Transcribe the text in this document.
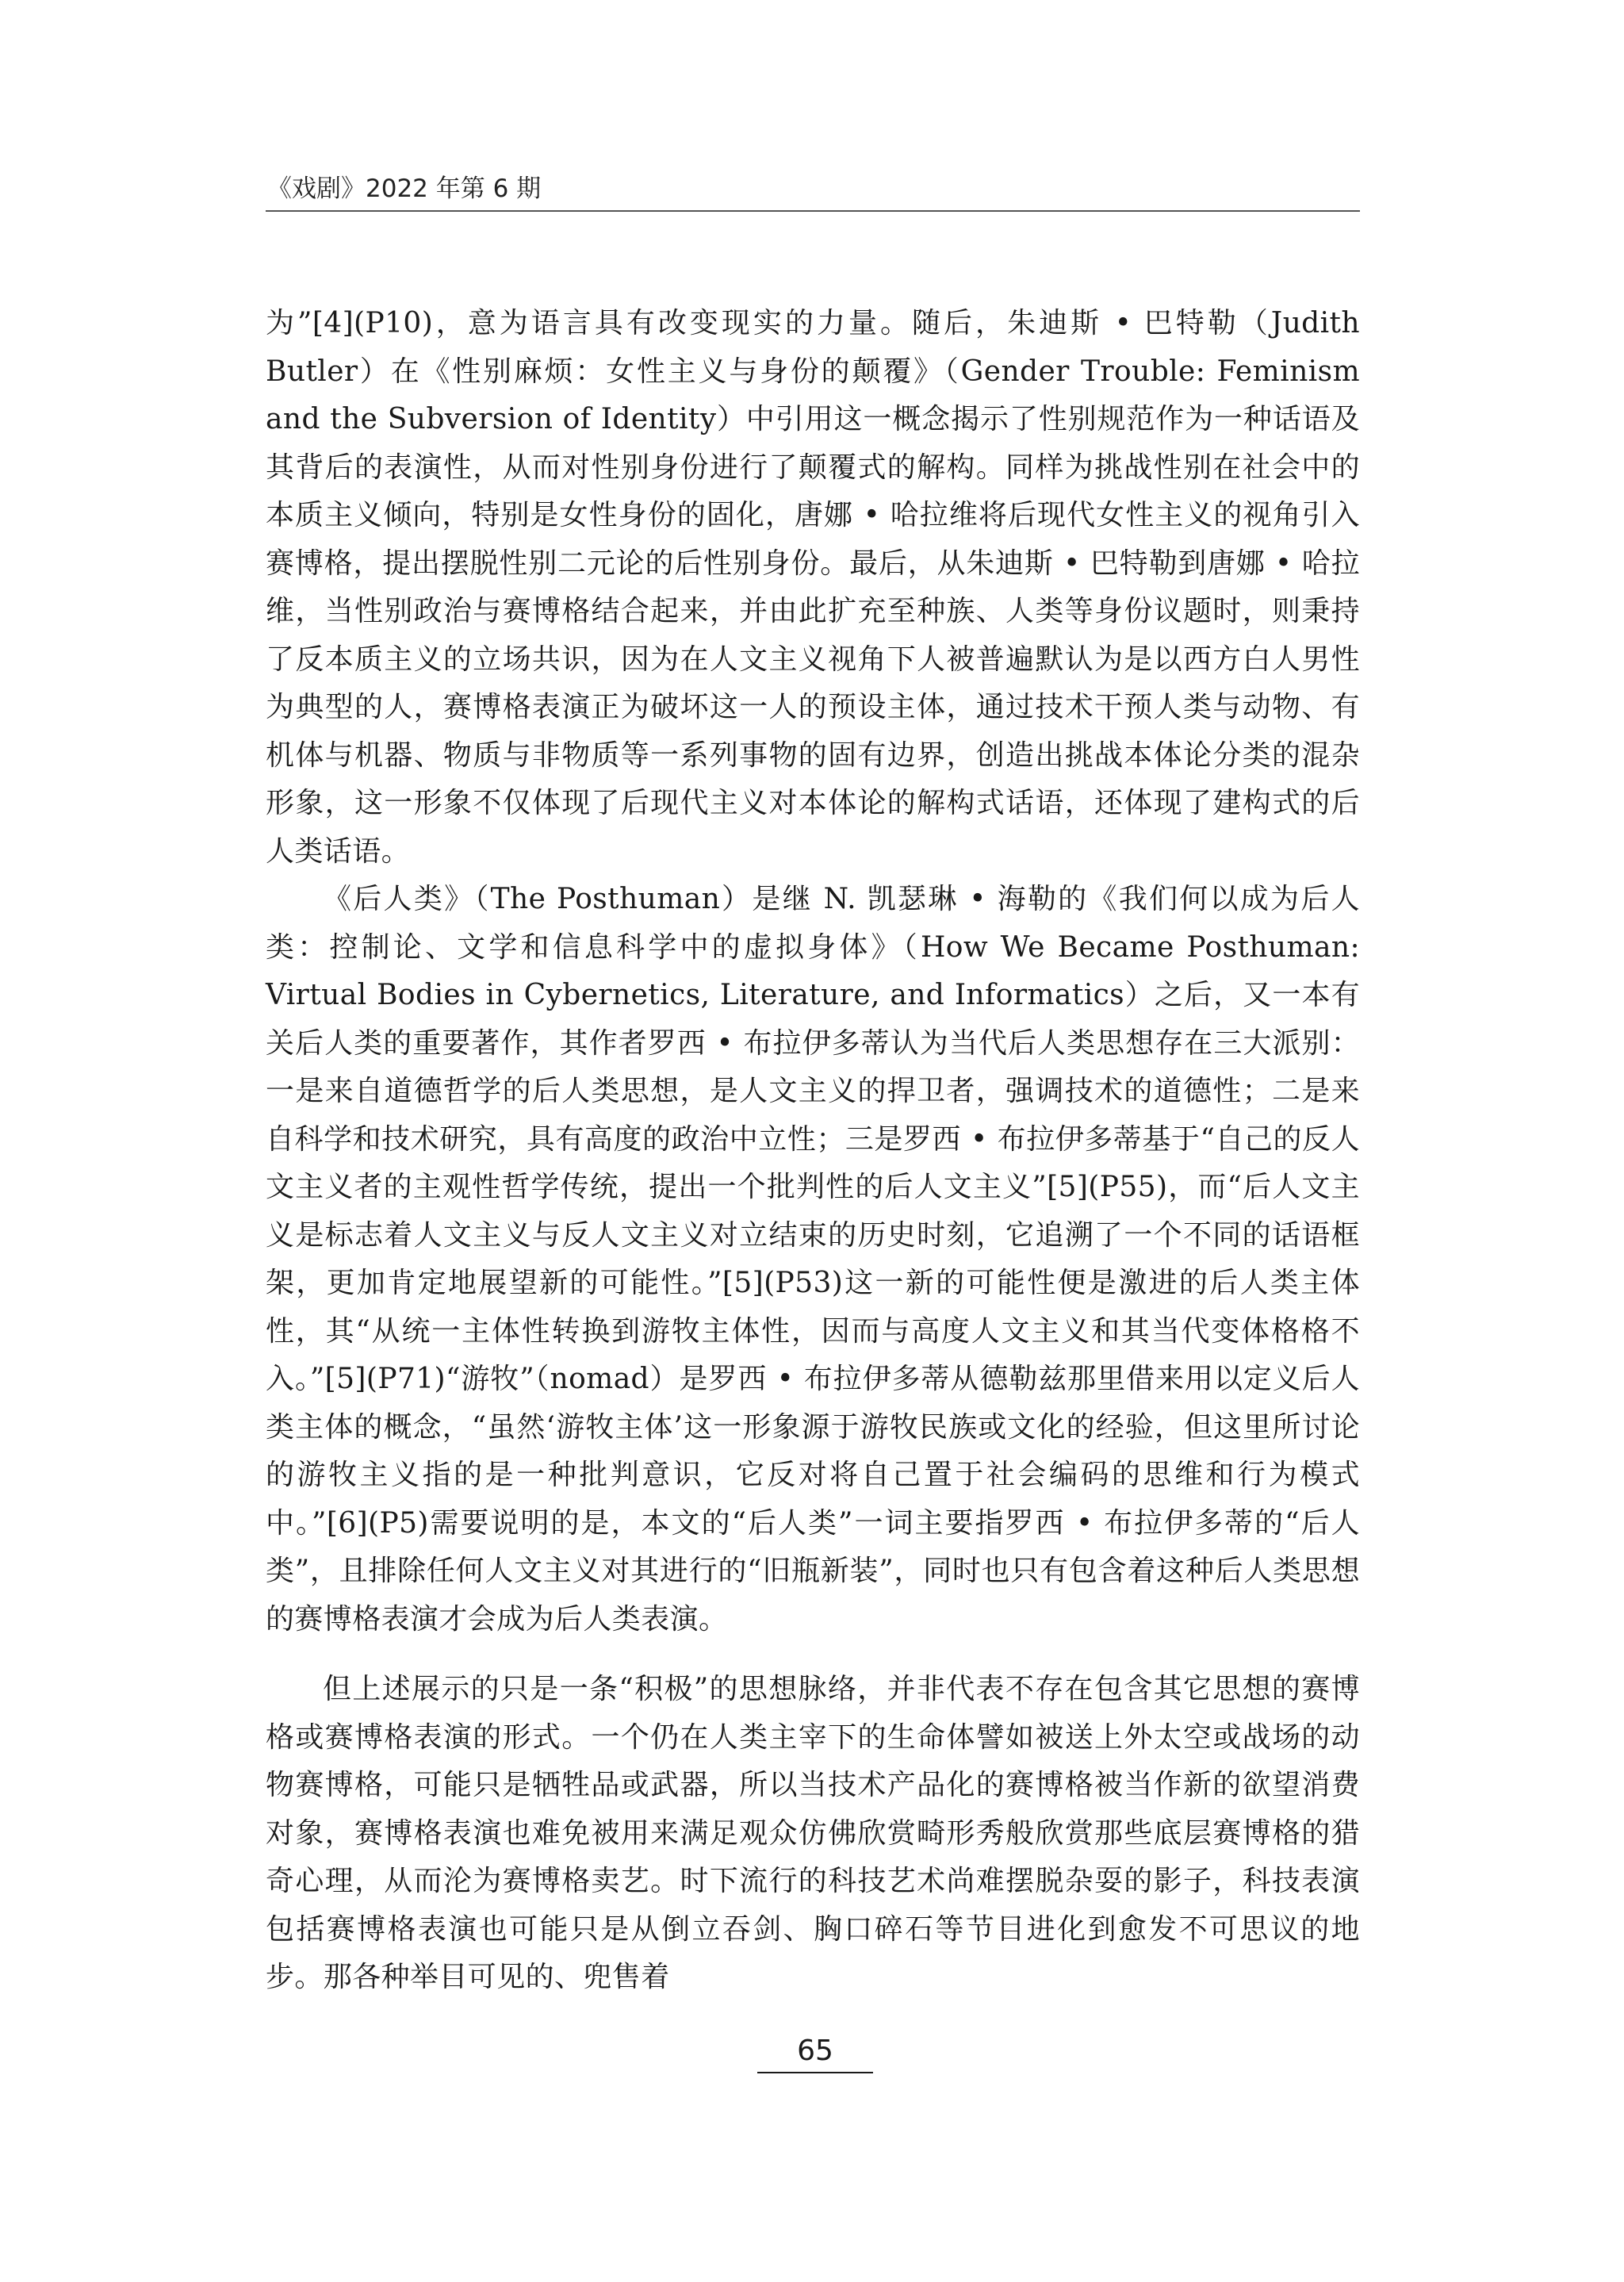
《戏剧》2022 年第 6 期

为”[4](P10)，意为语言具有改变现实的力量。随后，朱迪斯 • 巴特勒（Judith Butler）在《性别麻烦：女性主义与身份的颠覆》（Gender Trouble: Feminism and the Subversion of Identity）中引用这一概念揭示了性别规范作为一种话语及其背后的表演性，从而对性别身份进行了颠覆式的解构。同样为挑战性别在社会中的本质主义倾向，特别是女性身份的固化，唐娜 • 哈拉维将后现代女性主义的视角引入赛博格，提出摆脱性别二元论的后性别身份。最后，从朱迪斯 • 巴特勒到唐娜 • 哈拉维，当性别政治与赛博格结合起来，并由此扩充至种族、人类等身份议题时，则秉持了反本质主义的立场共识，因为在人文主义视角下人被普遍默认为是以西方白人男性为典型的人，赛博格表演正为破坏这一人的预设主体，通过技术干预人类与动物、有机体与机器、物质与非物质等一系列事物的固有边界，创造出挑战本体论分类的混杂形象，这一形象不仅体现了后现代主义对本体论的解构式话语，还体现了建构式的后人类话语。

《后人类》（The Posthuman）是继 N. 凯瑟琳 • 海勒的《我们何以成为后人类：控制论、文学和信息科学中的虚拟身体》（How We Became Posthuman: Virtual Bodies in Cybernetics, Literature, and Informatics）之后，又一本有关后人类的重要著作，其作者罗西 • 布拉伊多蒂认为当代后人类思想存在三大派别：一是来自道德哲学的后人类思想，是人文主义的捍卫者，强调技术的道德性；二是来自科学和技术研究，具有高度的政治中立性；三是罗西 • 布拉伊多蒂基于“自己的反人文主义者的主观性哲学传统，提出一个批判性的后人文主义”[5](P55)，而“后人文主义是标志着人文主义与反人文主义对立结束的历史时刻，它追溯了一个不同的话语框架，更加肯定地展望新的可能性。”[5](P53)这一新的可能性便是激进的后人类主体性，其“从统一主体性转换到游牧主体性，因而与高度人文主义和其当代变体格格不入。”[5](P71)“游牧”（nomad）是罗西 • 布拉伊多蒂从德勒兹那里借来用以定义后人类主体的概念，“虽然‘游牧主体’这一形象源于游牧民族或文化的经验，但这里所讨论的游牧主义指的是一种批判意识，它反对将自己置于社会编码的思维和行为模式中。”[6](P5)需要说明的是，本文的“后人类”一词主要指罗西 • 布拉伊多蒂的“后人类”，且排除任何人文主义对其进行的“旧瓶新装”，同时也只有包含着这种后人类思想的赛博格表演才会成为后人类表演。

但上述展示的只是一条“积极”的思想脉络，并非代表不存在包含其它思想的赛博格或赛博格表演的形式。一个仍在人类主宰下的生命体譬如被送上外太空或战场的动物赛博格，可能只是牺牲品或武器，所以当技术产品化的赛博格被当作新的欲望消费对象，赛博格表演也难免被用来满足观众仿佛欣赏畸形秀般欣赏那些底层赛博格的猎奇心理，从而沦为赛博格卖艺。时下流行的科技艺术尚难摆脱杂耍的影子，科技表演包括赛博格表演也可能只是从倒立吞剑、胸口碎石等节目进化到愈发不可思议的地步。那各种举目可见的、兜售着

65
